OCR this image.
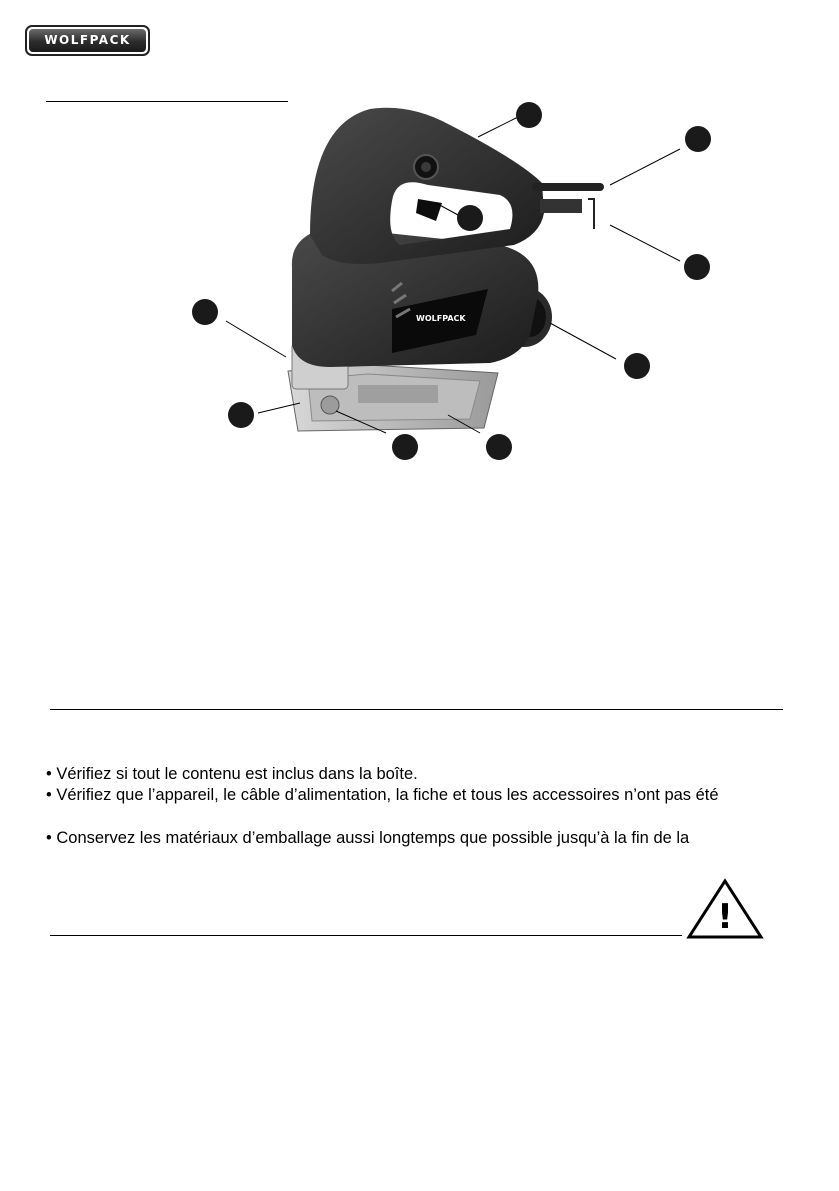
WOLFPACK
WOLFPACK
• Vérifiez si tout le contenu est inclus dans la boîte.
• Vérifiez que l’appareil, le câble d’alimentation, la fiche et tous les accessoires n’ont pas été
• Conservez les matériaux d’emballage aussi longtemps que possible jusqu’à la fin de la
!
